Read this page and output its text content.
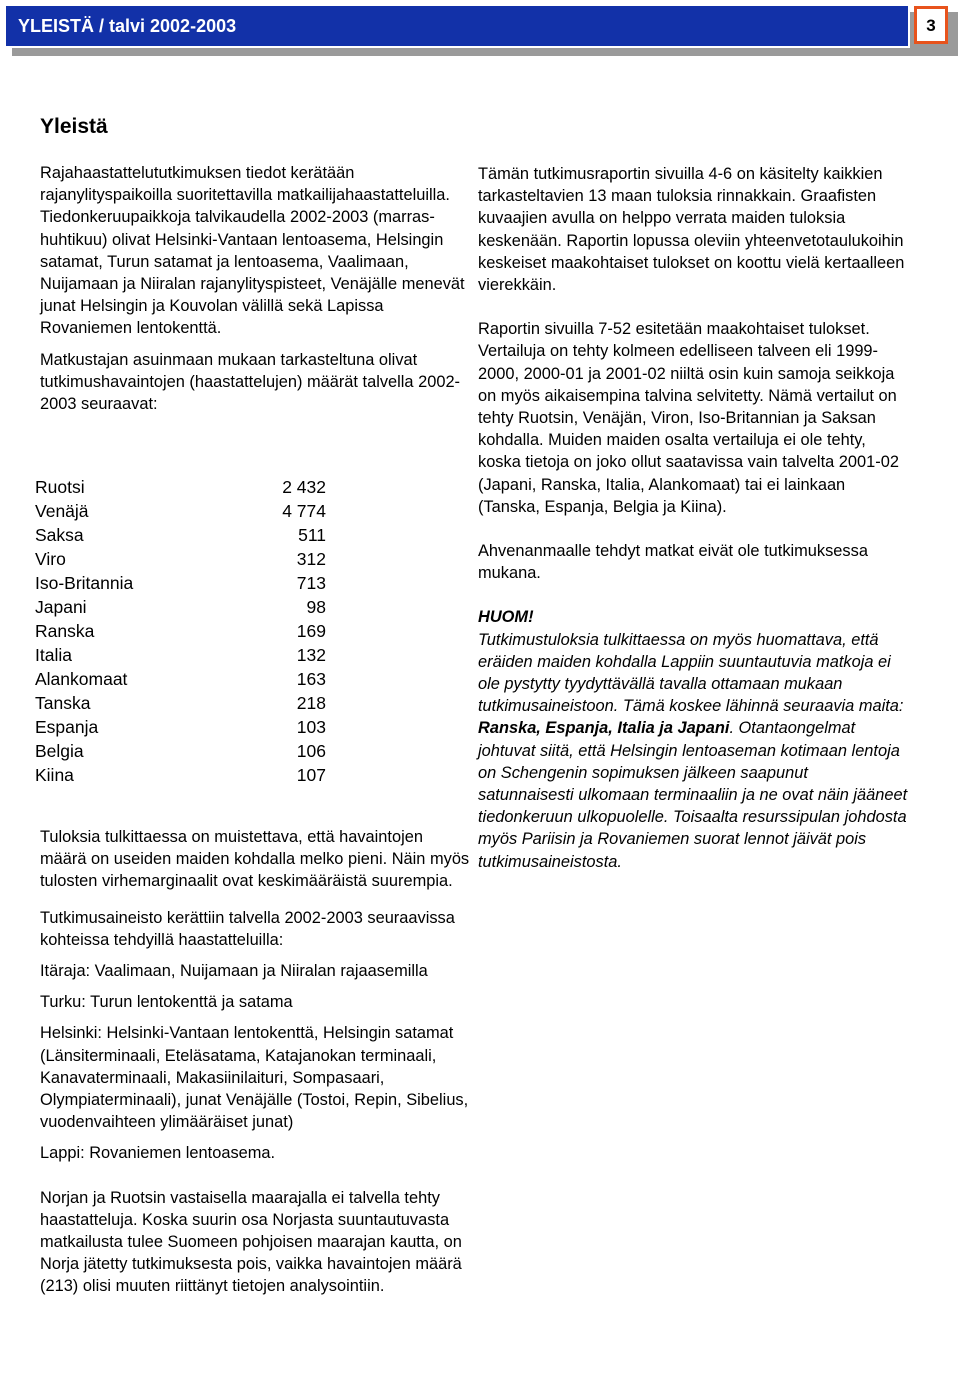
YLEISTÄ / talvi 2002-2003	3
Yleistä

Rajahaastattelututkimuksen tiedot kerätään rajanylityspaikoilla suoritettavilla matkailijahaastatteluilla. Tiedonkeruupaikkoja talvikaudella 2002-2003 (marras-huhtikuu) olivat Helsinki-Vantaan lentoasema, Helsingin satamat, Turun satamat ja lentoasema, Vaalimaan, Nuijamaan ja Niiralan rajanylityspisteet, Venäjälle menevät junat Helsingin ja Kouvolan välillä sekä Lapissa Rovaniemen lentokenttä.

Matkustajan asuinmaan mukaan tarkasteltuna olivat tutkimushavaintojen (haastattelujen) määrät talvella 2002-2003 seuraavat:

Ruotsi	2 432
Venäjä	4 774
Saksa	511
Viro	312
Iso-Britannia	713
Japani	98
Ranska	169
Italia	132
Alankomaat	163
Tanska	218
Espanja	103
Belgia	106
Kiina	107

Tuloksia tulkittaessa on muistettava, että havaintojen määrä on useiden maiden kohdalla melko pieni. Näin myös tulosten virhemarginaalit ovat keskimääräistä suurempia.

Tutkimusaineisto kerättiin talvella 2002-2003 seuraavissa kohteissa tehdyillä haastatteluilla:

Itäraja: Vaalimaan, Nuijamaan ja Niiralan rajaasemilla

Turku: Turun lentokenttä ja satama

Helsinki: Helsinki-Vantaan lentokenttä, Helsingin satamat (Länsiterminaali, Eteläsatama, Katajanokan terminaali, Kanavaterminaali, Makasiinilaituri, Sompasaari, Olympiaterminaali), junat Venäjälle (Tostoi, Repin, Sibelius, vuodenvaihteen ylimääräiset junat)

Lappi: Rovaniemen lentoasema.

Norjan ja Ruotsin vastaisella maarajalla ei talvella tehty haastatteluja. Koska suurin osa Norjasta suuntautuvasta matkailusta tulee Suomeen pohjoisen maarajan kautta, on Norja jätetty tutkimuksesta pois, vaikka havaintojen määrä (213) olisi muuten riittänyt tietojen analysointiin.

Tämän tutkimusraportin sivuilla 4-6 on käsitelty kaikkien tarkasteltavien 13 maan tuloksia rinnakkain. Graafisten kuvaajien avulla on helppo verrata maiden tuloksia keskenään. Raportin lopussa oleviin yhteenvetotaulukoihin keskeiset maakohtaiset tulokset on koottu vielä kertaalleen vierekkäin.

Raportin sivuilla 7-52 esitetään maakohtaiset tulokset. Vertailuja on tehty kolmeen edelliseen talveen eli 1999-2000, 2000-01 ja 2001-02 niiltä osin kuin samoja seikkoja on myös aikaisempina talvina selvitetty. Nämä vertailut on tehty Ruotsin, Venäjän, Viron, Iso-Britannian ja Saksan kohdalla. Muiden maiden osalta vertailuja ei ole tehty, koska tietoja on joko ollut saatavissa vain talvelta 2001-02 (Japani, Ranska, Italia, Alankomaat) tai ei lainkaan (Tanska, Espanja, Belgia ja Kiina).

Ahvenanmaalle tehdyt matkat eivät ole tutkimuksessa mukana.

HUOM!

Tutkimustuloksia tulkittaessa on myös huomattava, että eräiden maiden kohdalla Lappiin suuntautuvia matkoja ei ole pystytty tyydyttävällä tavalla ottamaan mukaan tutkimusaineistoon. Tämä koskee lähinnä seuraavia maita: Ranska, Espanja, Italia ja Japani. Otantaongelmat johtuvat siitä, että Helsingin lentoaseman kotimaan lentoja on Schengenin sopimuksen jälkeen saapunut satunnaisesti ulkomaan terminaaliin ja ne ovat näin jääneet tiedonkeruun ulkopuolelle. Toisaalta resurssipulan johdosta myös Pariisin ja Rovaniemen suorat lennot jäivät pois tutkimusaineistosta.
